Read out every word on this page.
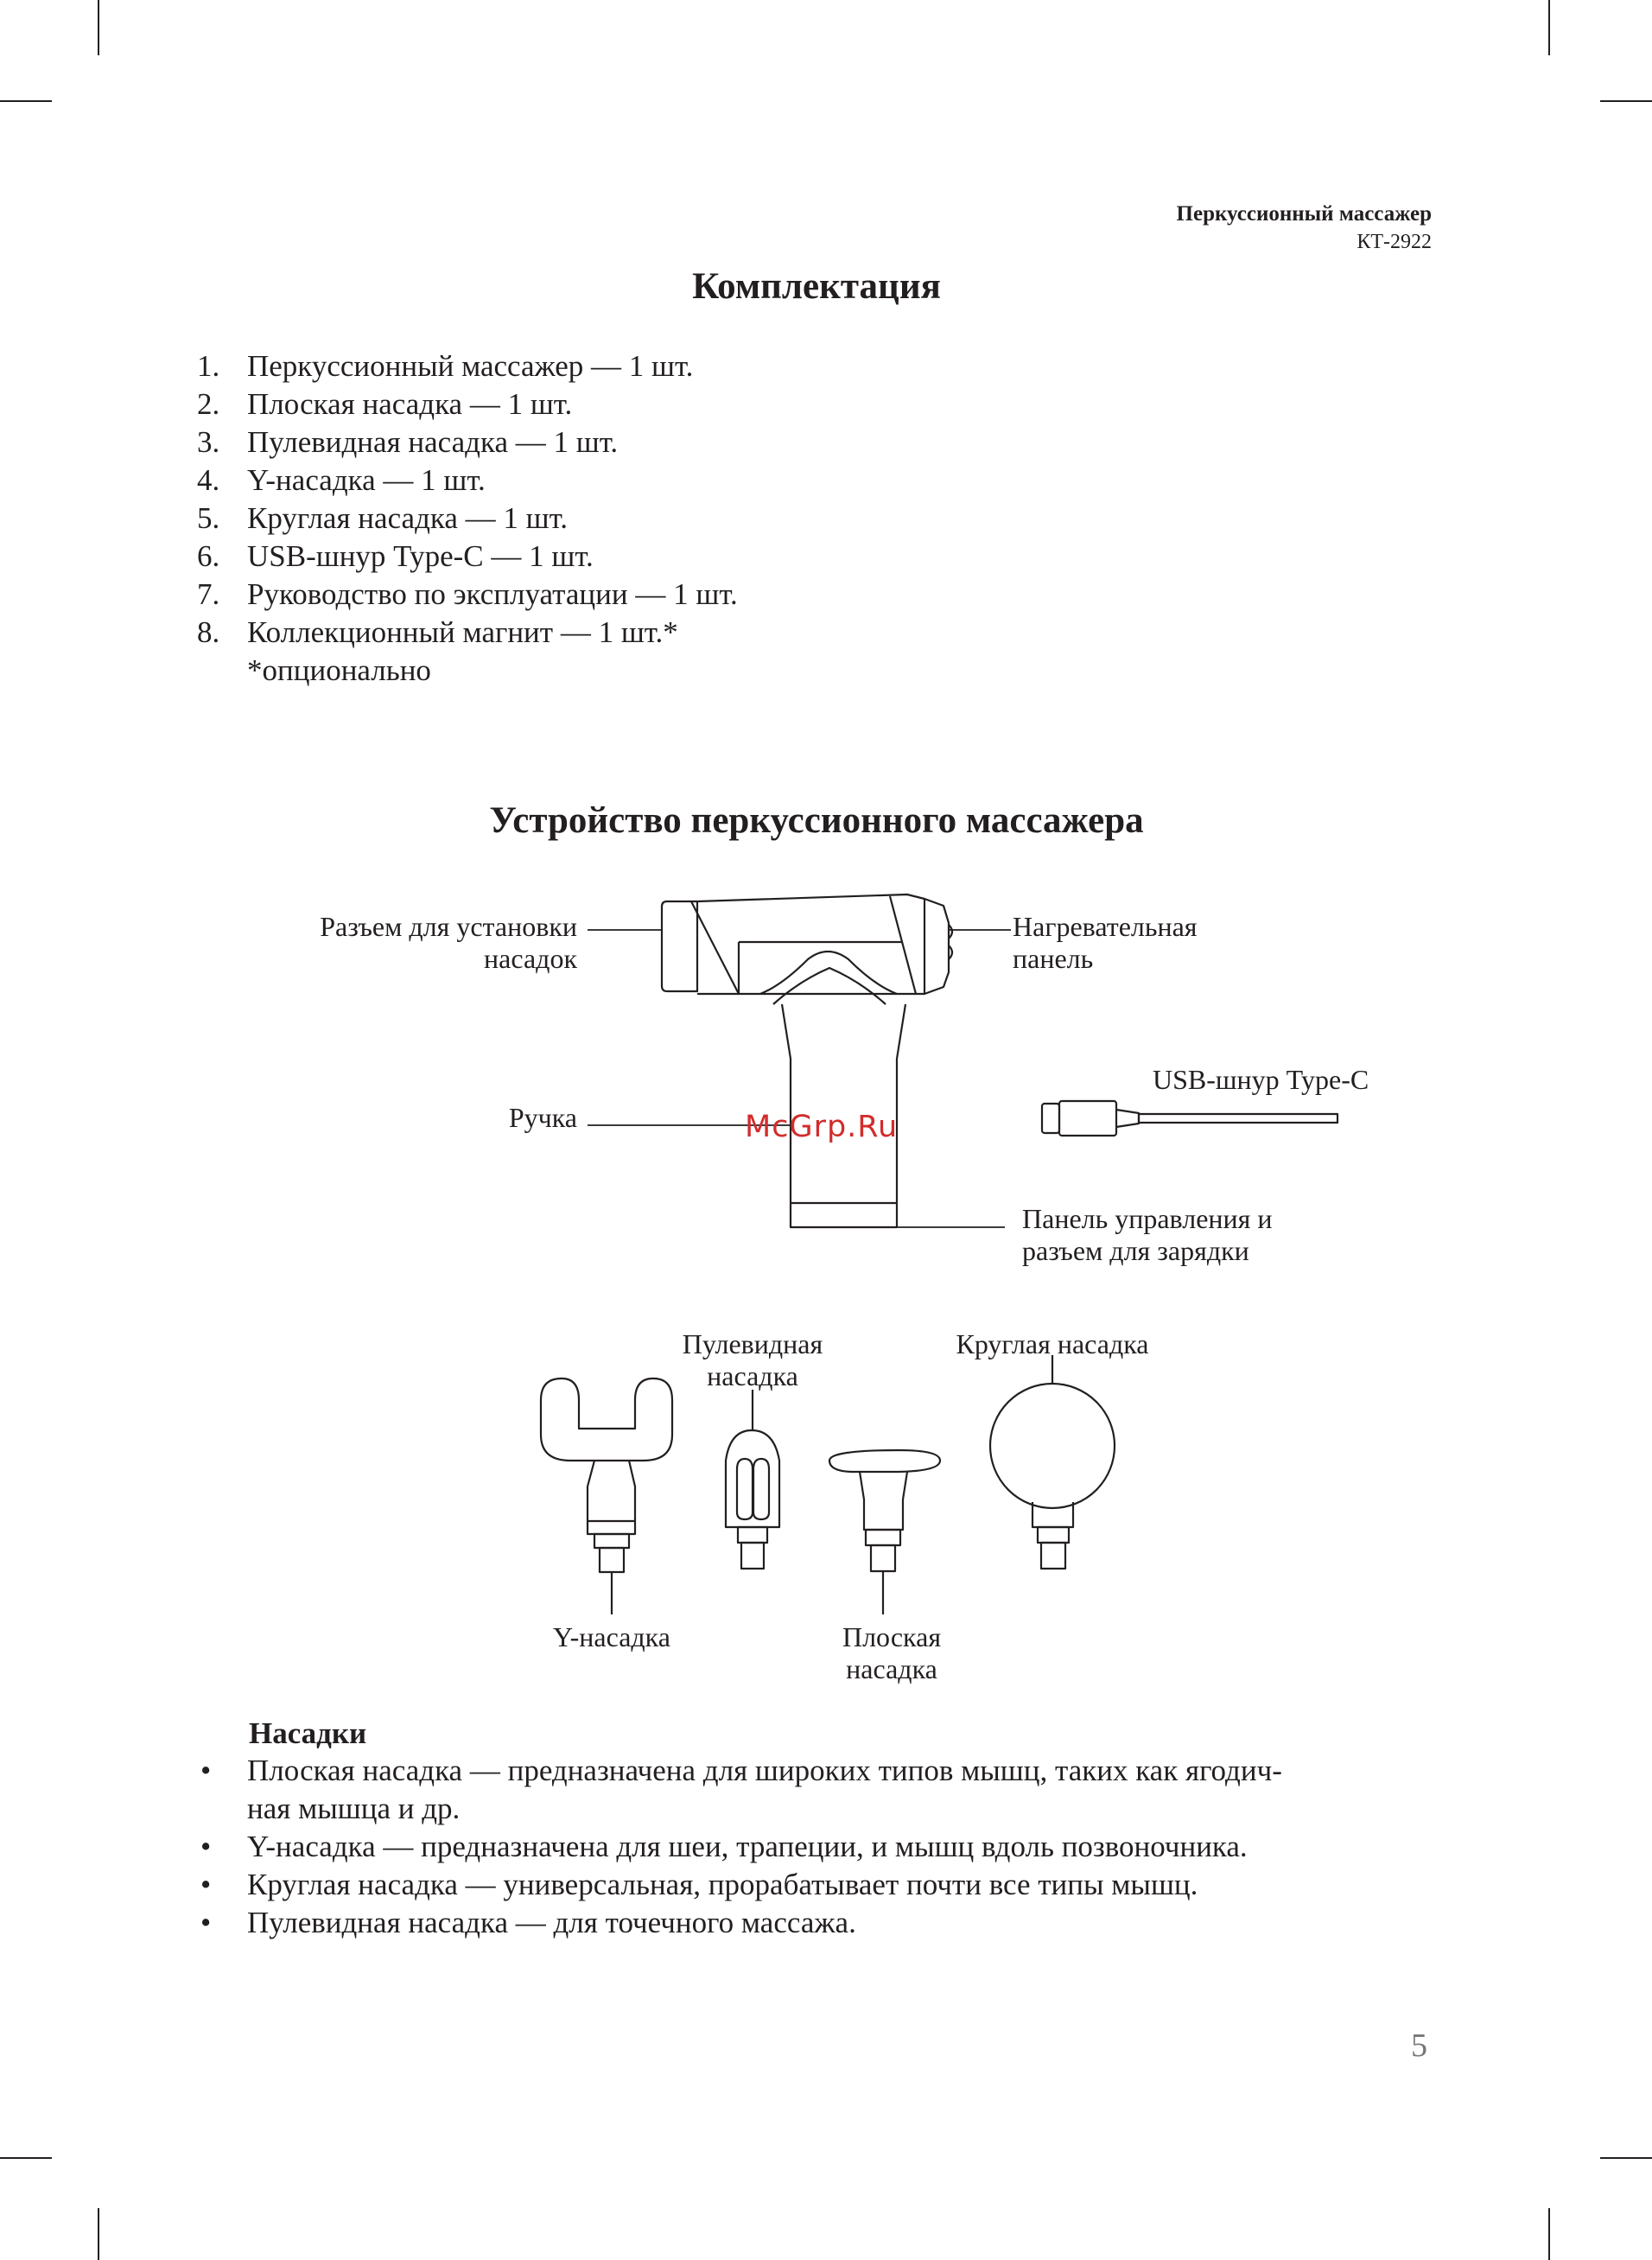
Перкуссионный массажер
КТ-2922
Комплектация
1. Перкуссионный массажер — 1 шт.
2. Плоская насадка — 1 шт.
3. Пулевидная насадка — 1 шт.
4. Y-насадка — 1 шт.
5. Круглая насадка — 1 шт.
6. USB-шнур Type-C — 1 шт.
7. Руководство по эксплуатации — 1 шт.
8. Коллекционный магнит — 1 шт.*
*опционально
Устройство перкуссионного массажера
Разъем для установки
насадок
Нагревательная
панель
Ручка
USB-шнур Type-C
Панель управления и
разъем для зарядки
McGrp.Ru
Пулевидная
насадка
Круглая насадка
Y-насадка	Плоская
насадка
Насадки
• Плоская насадка — предназначена для широких типов мышц, таких как ягодич-
ная мышца и др.
• Y-насадка — предназначена для шеи, трапеции, и мышц вдоль позвоночника.
• Круглая насадка — универсальная, прорабатывает почти все типы мышц.
• Пулевидная насадка — для точечного массажа.
5
